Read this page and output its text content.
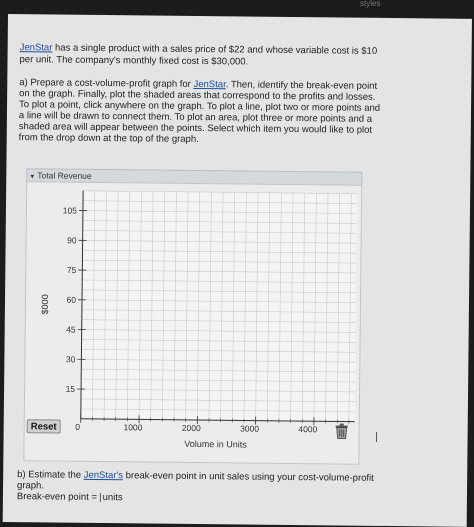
styles
JenStar has a single product with a sales price of $22 and whose variable cost is $10
per unit. The company's monthly fixed cost is $30,000.
a) Prepare a cost-volume-profit graph for JenStar. Then, identify the break-even point
on the graph. Finally, plot the shaded areas that correspond to the profits and losses.
To plot a point, click anywhere on the graph. To plot a line, plot two or more points and
a line will be drawn to connect them. To plot an area, plot three or more points and a
shaded area will appear between the points. Select which item you would like to plot
from the drop down at the top of the graph.
▼ Total Revenue
15
30
45
60
75
90
105
0	1000	2000	3000	4000
Volume in Units
$000
Reset
b) Estimate the JenStar's break-even point in unit sales using your cost-volume-profit
graph.
Break-even point = units
